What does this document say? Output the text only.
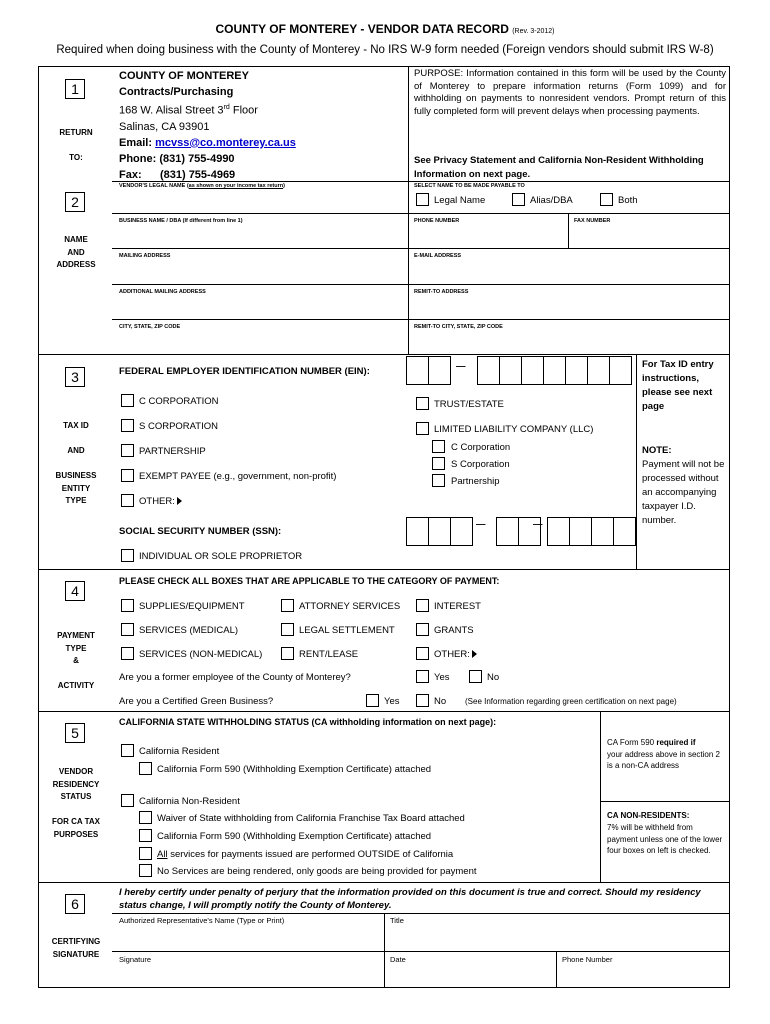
COUNTY OF MONTEREY - VENDOR DATA RECORD (Rev. 3-2012)
Required when doing business with the County of Monterey - No IRS W-9 form needed (Foreign vendors should submit IRS W-8)
1
RETURN

TO:
COUNTY OF MONTEREY
Contracts/Purchasing
168 W. Alisal Street 3rd Floor
Salinas, CA 93901
Email: mcvss@co.monterey.ca.us
Phone: (831) 755-4990
Fax:      (831) 755-4969
PURPOSE: Information contained in this form will be used by the County of Monterey to prepare information returns (Form 1099) and for withholding on payments to nonresident vendors. Prompt return of this fully completed form will prevent delays when processing payments.
See Privacy Statement and California Non-Resident Withholding Information on next page.
2
NAME
AND
ADDRESS
VENDOR'S LEGAL NAME (as shown on your income tax return)	SELECT NAME TO BE MADE PAYABLE TO
Legal Name	Alias/DBA	Both
BUSINESS NAME / DBA (If different from line 1)	PHONE NUMBER	FAX NUMBER
MAILING ADDRESS	E-MAIL ADDRESS
ADDITIONAL MAILING ADDRESS	REMIT-TO ADDRESS
CITY, STATE, ZIP CODE	REMIT-TO CITY, STATE, ZIP CODE
3
TAX ID

AND

BUSINESS
ENTITY
TYPE
FEDERAL EMPLOYER IDENTIFICATION NUMBER (EIN):	—
C CORPORATION
S CORPORATION
PARTNERSHIP
EXEMPT PAYEE (e.g., government, non-profit)
OTHER:
TRUST/ESTATE
LIMITED LIABILITY COMPANY (LLC)
C Corporation
S Corporation
Partnership
SOCIAL SECURITY NUMBER (SSN):
—	—
INDIVIDUAL OR SOLE PROPRIETOR
For Tax ID entry instructions, please see next page
NOTE:
Payment will not be processed without an accompanying taxpayer I.D. number.
4
PAYMENT
TYPE
&

ACTIVITY
PLEASE CHECK ALL BOXES THAT ARE APPLICABLE TO THE CATEGORY OF PAYMENT:
SUPPLIES/EQUIPMENT	ATTORNEY SERVICES	INTEREST
SERVICES (MEDICAL)	LEGAL SETTLEMENT	GRANTS
SERVICES (NON-MEDICAL)	RENT/LEASE	OTHER:
Are you a former employee of the County of Monterey?	Yes	No
Are you a Certified Green Business?	Yes	No (See Information regarding green certification on next page)
5
VENDOR
RESIDENCY
STATUS

FOR CA TAX
PURPOSES
CALIFORNIA STATE WITHHOLDING STATUS (CA withholding information on next page):
California Resident
California Form 590 (Withholding Exemption Certificate) attached
California Non-Resident
Waiver of State withholding from California Franchise Tax Board attached
California Form 590 (Withholding Exemption Certificate) attached
All services for payments issued are performed OUTSIDE of California
No Services are being rendered, only goods are being provided for payment
CA Form 590 required if
your address above in section 2 is a non-CA address
CA NON-RESIDENTS:
7% will be withheld from payment unless one of the lower four boxes on left is checked.
6
CERTIFYING
SIGNATURE
I hereby certify under penalty of perjury that the information provided on this document is true and correct. Should my residency status change, I will promptly notify the County of Monterey.
Authorized Representative's Name (Type or Print)	Title
Signature	Date	Phone Number
